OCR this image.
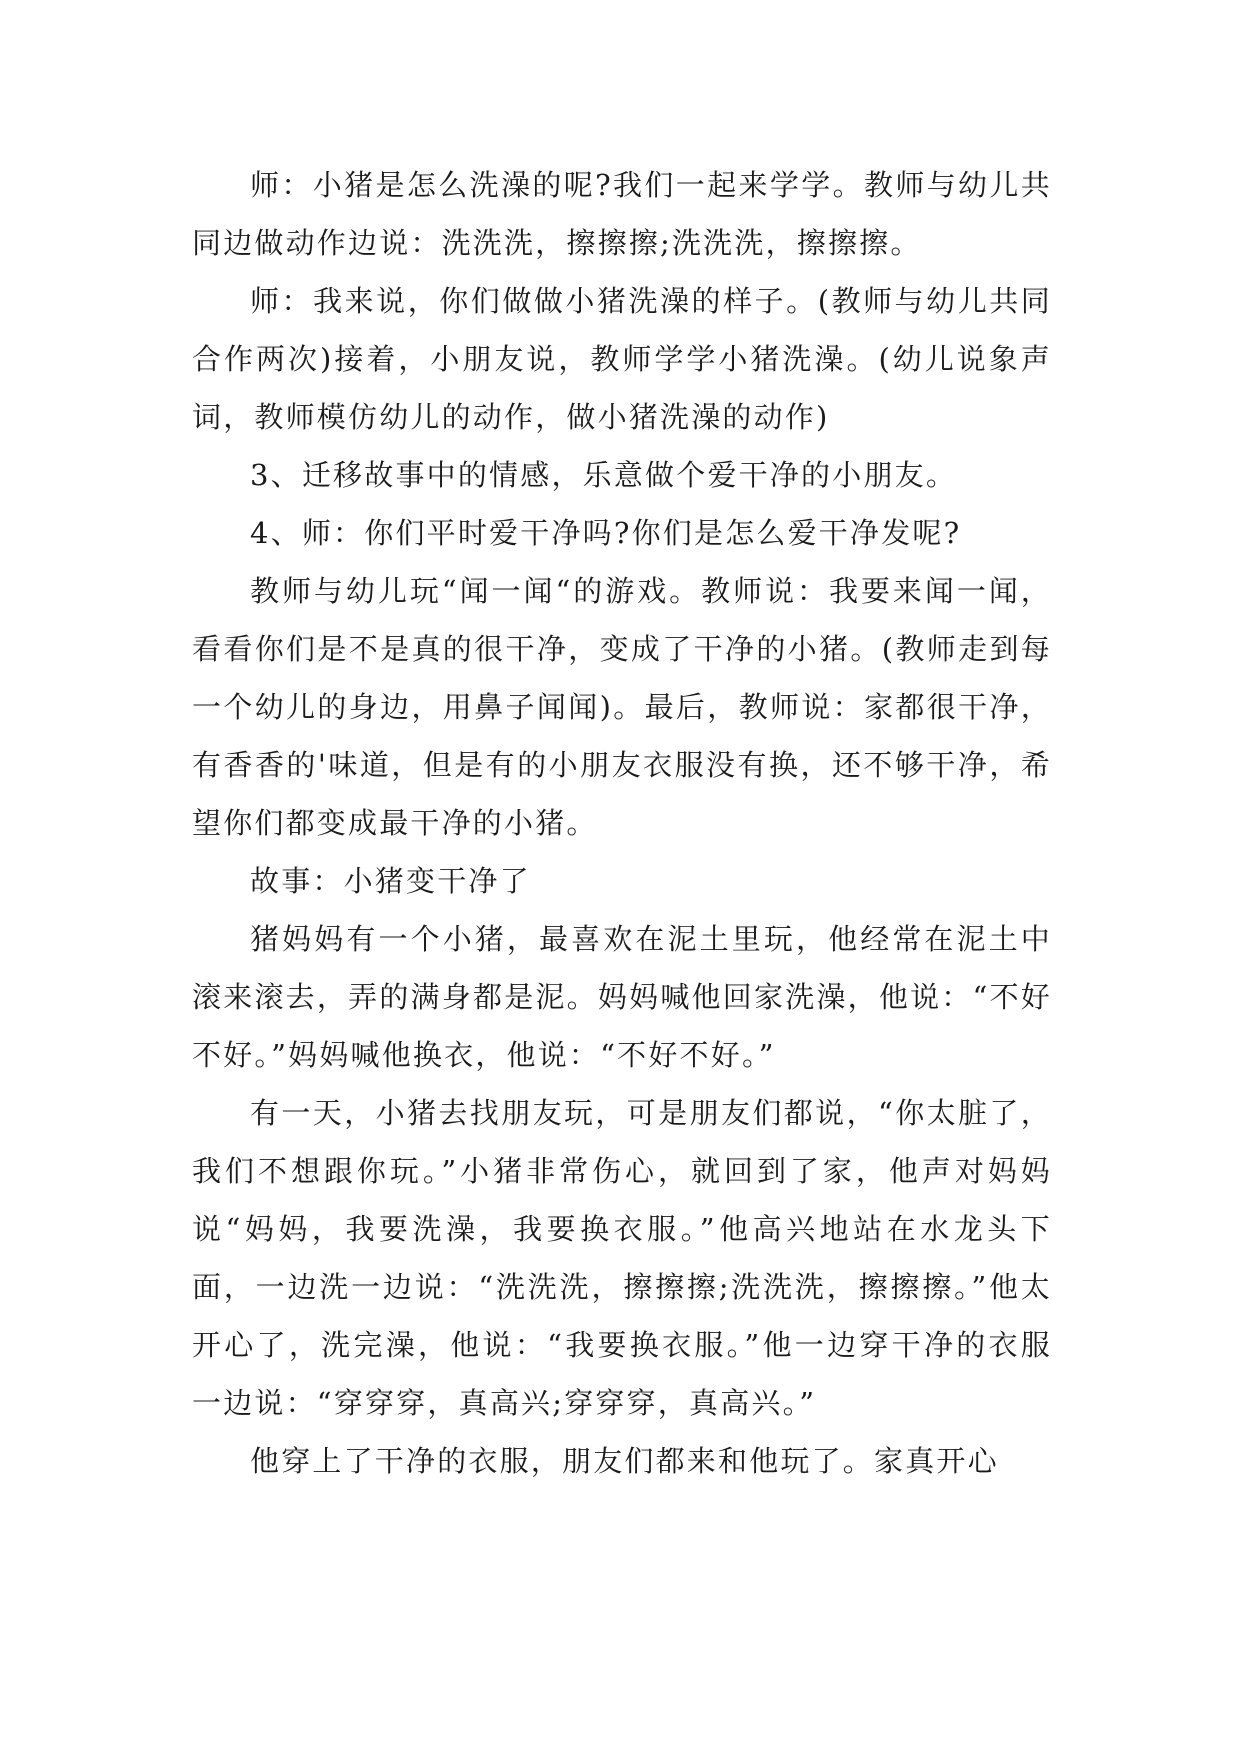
师：小猪是怎么洗澡的呢?我们一起来学学。教师与幼儿共同边做动作边说：洗洗洗，擦擦擦;洗洗洗，擦擦擦。

师：我来说，你们做做小猪洗澡的样子。(教师与幼儿共同合作两次)接着，小朋友说，教师学学小猪洗澡。(幼儿说象声词，教师模仿幼儿的动作，做小猪洗澡的动作)

3、迁移故事中的情感，乐意做个爱干净的小朋友。

4、师：你们平时爱干净吗?你们是怎么爱干净发呢?

教师与幼儿玩“闻一闻“的游戏。教师说：我要来闻一闻，看看你们是不是真的很干净，变成了干净的小猪。(教师走到每一个幼儿的身边，用鼻子闻闻)。最后，教师说：家都很干净，有香香的'味道，但是有的小朋友衣服没有换，还不够干净，希望你们都变成最干净的小猪。

故事：小猪变干净了

猪妈妈有一个小猪，最喜欢在泥土里玩，他经常在泥土中滚来滚去，弄的满身都是泥。妈妈喊他回家洗澡，他说：“不好不好。”妈妈喊他换衣，他说：“不好不好。”

有一天，小猪去找朋友玩，可是朋友们都说，“你太脏了，我们不想跟你玩。”小猪非常伤心，就回到了家，他声对妈妈说“妈妈，我要洗澡，我要换衣服。”他高兴地站在水龙头下面，一边洗一边说：“洗洗洗，擦擦擦;洗洗洗，擦擦擦。”他太开心了，洗完澡，他说：“我要换衣服。”他一边穿干净的衣服一边说：“穿穿穿，真高兴;穿穿穿，真高兴。”

他穿上了干净的衣服，朋友们都来和他玩了。家真开心
